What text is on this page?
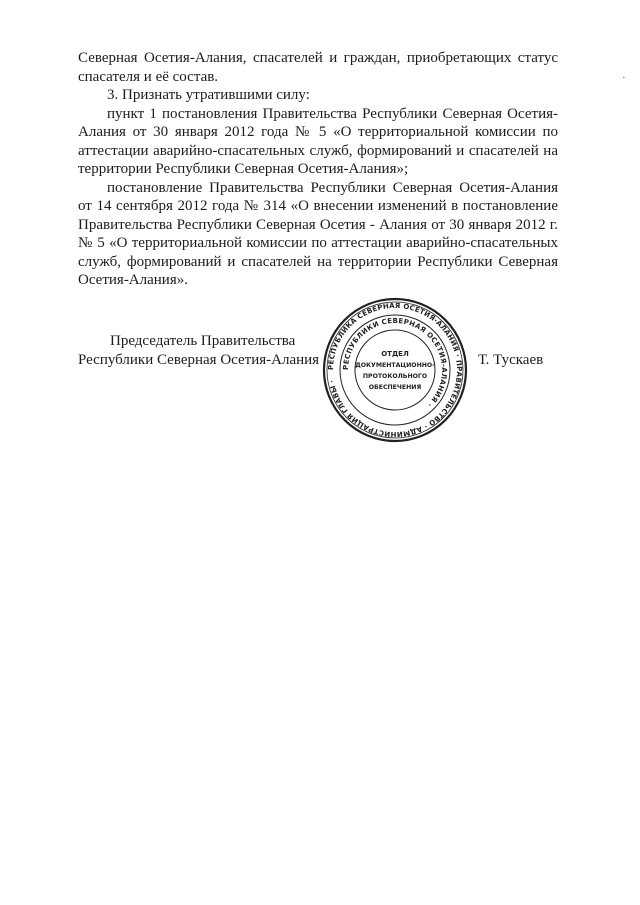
Северная Осетия-Алания, спасателей и граждан, приобретающих статус спасателя и её состав.

3. Признать утратившими силу:

пункт 1 постановления Правительства Республики Северная Осетия-Алания от 30 января 2012 года № 5 «О территориальной комиссии по аттестации аварийно-спасательных служб, формирований и спасателей на территории Республики Северная Осетия-Алания»;

постановление Правительства Республики Северная Осетия-Алания от 14 сентября 2012 года № 314 «О внесении изменений в постановление Правительства Республики Северная Осетия - Алания от 30 января 2012 г. № 5 «О территориальной комиссии по аттестации аварийно-спасательных служб, формирований и спасателей на территории Республики Северная Осетия-Алания».

·
Председатель Правительства
Республики Северная Осетия-Алания	РЕСПУБЛИКА СЕВЕРНАЯ ОСЕТИЯ-АЛАНИЯ · ПРАВИТЕЛЬСТВО · АДМИНИСТРАЦИЯ ГЛАВЫ ·
РЕСПУБЛИКИ СЕВЕРНАЯ ОСЕТИЯ-АЛАНИЯ ·
ОТДЕЛ
ДОКУМЕНТАЦИОННО-
ПРОТОКОЛЬНОГО
ОБЕСПЕЧЕНИЯ
Т. Тускаев
